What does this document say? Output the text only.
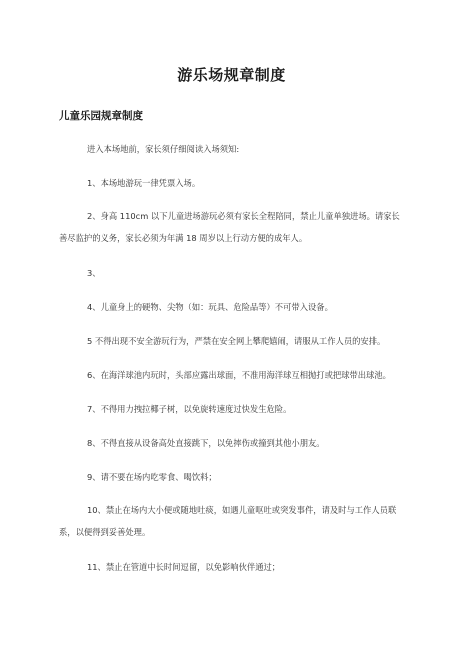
游乐场规章制度
儿童乐园规章制度
进入本场地前，家长须仔细阅读入场须知:
1、本场地游玩一律凭票入场。
2、身高 110cm 以下儿童进场游玩必须有家长全程陪同，禁止儿童单独进场。请家长善尽监护的义务，家长必须为年满 18 周岁以上行动方便的成年人。
3、
4、儿童身上的硬物、尖物（如：玩具、危险品等）不可带入设备。
5 不得出现不安全游玩行为，严禁在安全网上攀爬嬉闹，请服从工作人员的安排。
6、在海洋球池内玩时，头部应露出球面，不准用海洋球互相抛打或把球带出球池。
7、不得用力拽拉椰子树，以免旋转速度过快发生危险。
8、不得直接从设备高处直接跳下，以免摔伤或撞到其他小朋友。
9、请不要在场内吃零食、喝饮料；
10、禁止在场内大小便或随地吐痰，如遇儿童呕吐或突发事件，请及时与工作人员联系，以便得到妥善处理。
11、禁止在管道中长时间逗留，以免影响伙伴通过；
